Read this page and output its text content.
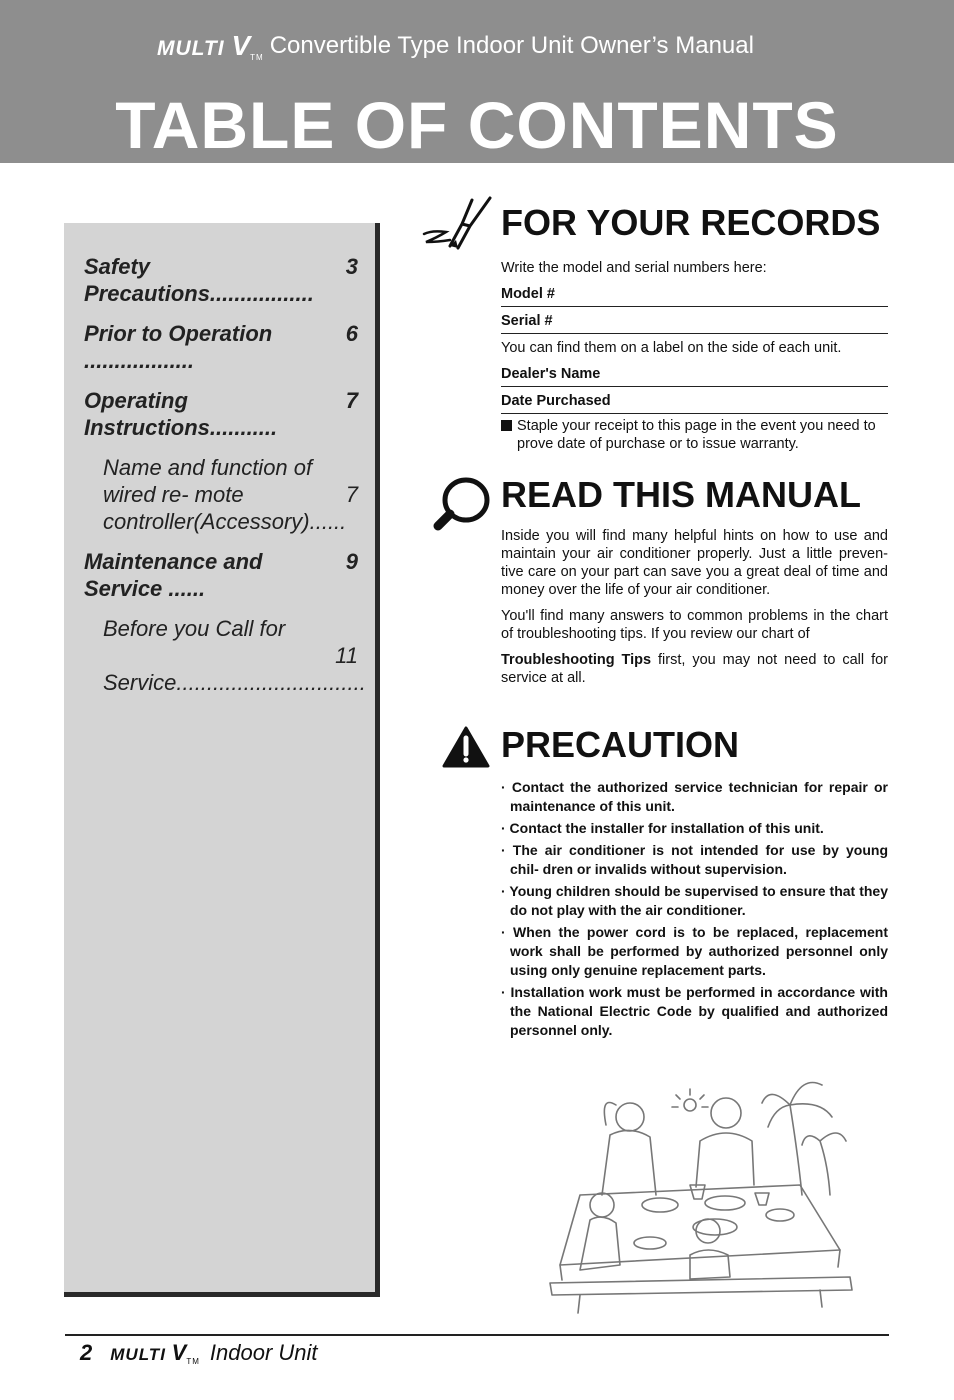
MULTI VTM Convertible Type Indoor Unit Owner’s Manual
TABLE OF CONTENTS
3
Safety Precautions.................
6
Prior to Operation ..................
7
Operating Instructions...........
7
Name and function of wired re- mote controller(Accessory)......
9
Maintenance and Service ......
11
Before you Call for Service...............................
FOR YOUR RECORDS
Write the model and serial numbers here:
Model #
Serial #
You can find them on a label on the side of each unit.
Dealer's Name
Date Purchased
Staple your receipt to this page in the event you need to prove date of purchase or to issue warranty.
READ THIS MANUAL

Inside you will find many helpful hints on how to use and maintain your air conditioner properly. Just a little preven- tive care on your part can save you a great deal of time and money over the life of your air conditioner.

You'll find many answers to common problems in the chart of troubleshooting tips. If you review our chart of

Troubleshooting Tips first, you may not need to call for service at all.

PRECAUTION
· Contact the authorized service technician for repair or maintenance of this unit.
· Contact the installer for installation of this unit.
· The air conditioner is not intended for use by young chil- dren or invalids without supervision.
· Young children should be supervised to ensure that they do not play with the air conditioner.
· When the power cord is to be replaced, replacement work shall be performed by authorized personnel only using only genuine replacement parts.
· Installation work must be performed in accordance with the National Electric Code by qualified and authorized personnel only.
2 MULTI VTM Indoor Unit
